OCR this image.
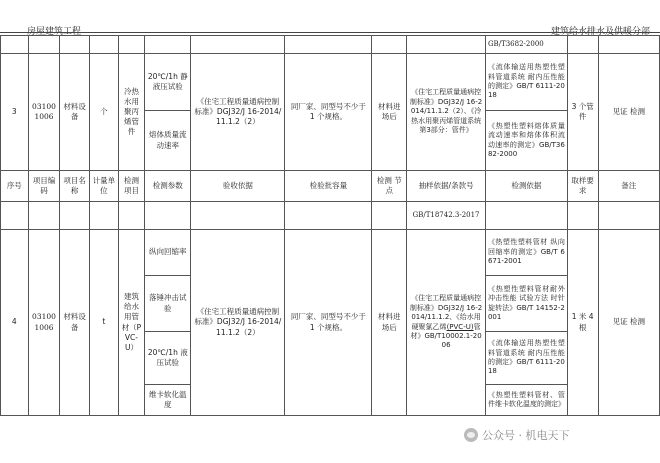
房屋建筑工程	建筑给水排水及供暖分部
										GB/T3682-2000		
3	03100 1006	材料设备	个	冷热水用聚丙烯管件	20℃/1h 静液压试验	《住宅工程质量通病控制标准》DGJ32/J 16-2014/11.1.2（2）	同厂家、同型号不少于 1 个规格。	材料进场后	《住宅工程质量通病控制标准》DGJ32/J 16-2014/11.1.2（2）、《冷热水用聚丙烯管道系统 第3部分：管件》	《流体输送用热塑性塑料管道系统 耐内压性能的测定》GB/T 6111-2018	3 个管件	见证 检测
					熔体质量流动速率					《热塑性塑料熔体质量流动速率和熔体体积流动速率的测定》GB/T3682-2000		
序号	项目编码	项目名称	计量单位	检测项目	检测参数	验收依据	检验批容量	检测 节点	抽样依据/条款号	检测依据	取样要求	备注
									GB/T18742.3-2017			
4	03100 1006	材料设备	t	建筑给水用管材（PVC-U）	纵向回缩率	《住宅工程质量通病控制标准》DGJ32/J 16-2014/11.1.2（2）	同厂家、同型号不少于 1 个规格。	材料进场后	《住宅工程质量通病控制标准》DGJ32/J 16-2014/11.1.2、《给水用硬聚氯乙烯(PVC-U)管材》GB/T10002.1-2006	《热塑性塑料管材 纵向回缩率的测定》GB/T 6671-2001	1 米 4 根	见证 检测
					落锤冲击试验					《热塑性塑料管材耐外冲击性能 试验方法 时针旋转法》GB/T 14152-2001		
					20℃/1h 液压试验					《流体输送用热塑性塑料管道系统 耐内压性能的测定》GB/T 6111-2018		
					维卡软化温度					《热塑性塑料管材、管件维卡软化温度的测定》		
公众号 · 机电天下
